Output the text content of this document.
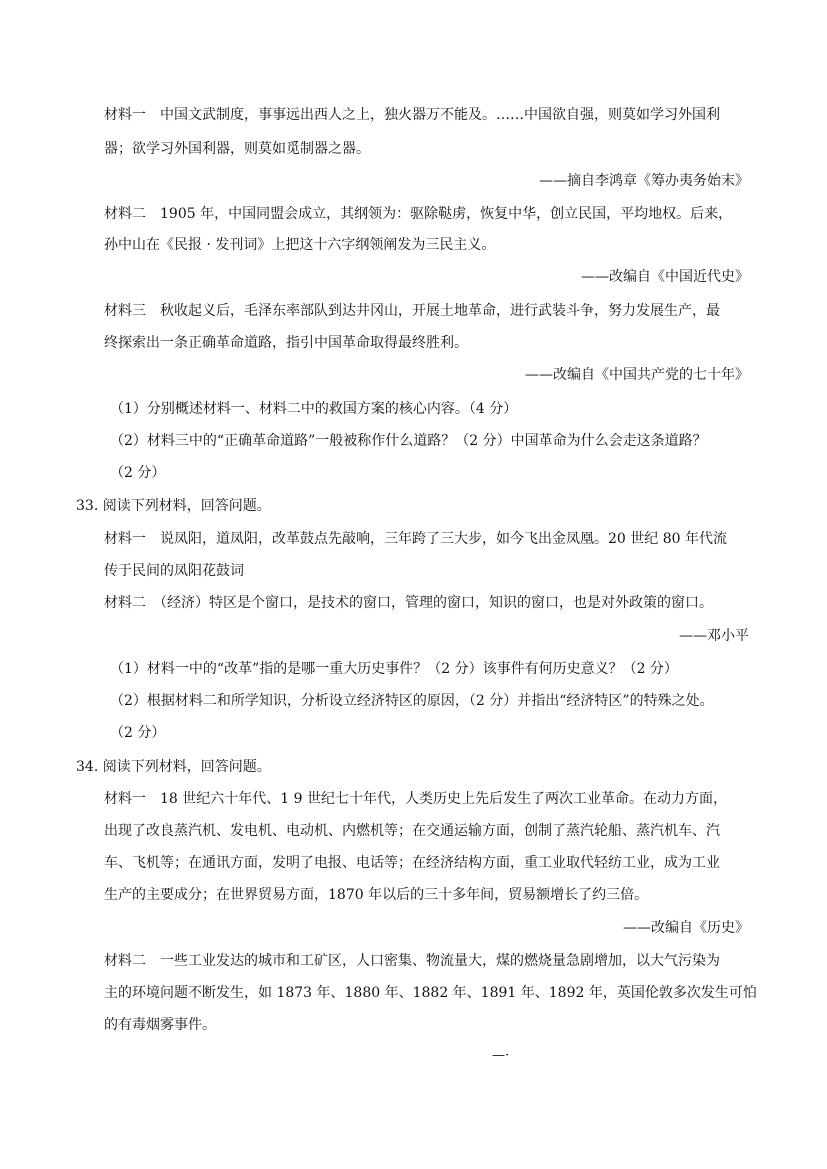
材料一　中国文武制度，事事远出西人之上，独火器万不能及。……中国欲自强，则莫如学习外国利
器；欲学习外国利器，则莫如觅制器之器。
——摘自李鸿章《筹办夷务始末》
材料二　1905 年，中国同盟会成立，其纲领为：驱除鞑虏，恢复中华，创立民国，平均地权。后来，
孙中山在《民报 · 发刊词》上把这十六字纲领阐发为三民主义。
——改编自《中国近代史》
材料三　秋收起义后，毛泽东率部队到达井冈山，开展土地革命，进行武装斗争，努力发展生产，最
终探索出一条正确革命道路，指引中国革命取得最终胜利。
——改编自《中国共产党的七十年》
（1）分别概述材料一、材料二中的救国方案的核心内容。（4 分）
（2）材料三中的“正确革命道路”一般被称作什么道路？（2 分）中国革命为什么会走这条道路？
（2 分）
33. 阅读下列材料，回答问题。
材料一　说凤阳，道凤阳，改革鼓点先敲响，三年跨了三大步，如今飞出金凤凰。20 世纪 80 年代流
传于民间的凤阳花鼓词
材料二　（经济）特区是个窗口，是技术的窗口，管理的窗口，知识的窗口，也是对外政策的窗口。
——邓小平
（1）材料一中的“改革”指的是哪一重大历史事件？（2 分）该事件有何历史意义？（2 分）
（2）根据材料二和所学知识，分析设立经济特区的原因，（2 分）并指出“经济特区”的特殊之处。
（2 分）
34. 阅读下列材料，回答问题。
材料一　18 世纪六十年代、1 9 世纪七十年代，人类历史上先后发生了两次工业革命。在动力方面，
出现了改良蒸汽机、发电机、电动机、内燃机等；在交通运输方面，创制了蒸汽轮船、蒸汽机车、汽
车、飞机等；在通讯方面，发明了电报、电话等；在经济结构方面，重工业取代轻纺工业，成为工业
生产的主要成分；在世界贸易方面，1870 年以后的三十多年间，贸易额增长了约三倍。
——改编自《历史》
材料二　一些工业发达的城市和工矿区，人口密集、物流量大，煤的燃烧量急剧增加，以大气污染为
主的环境问题不断发生，如 1873 年、1880 年、1882 年、1891 年、1892 年，英国伦敦多次发生可怕
的有毒烟雾事件。
—·
